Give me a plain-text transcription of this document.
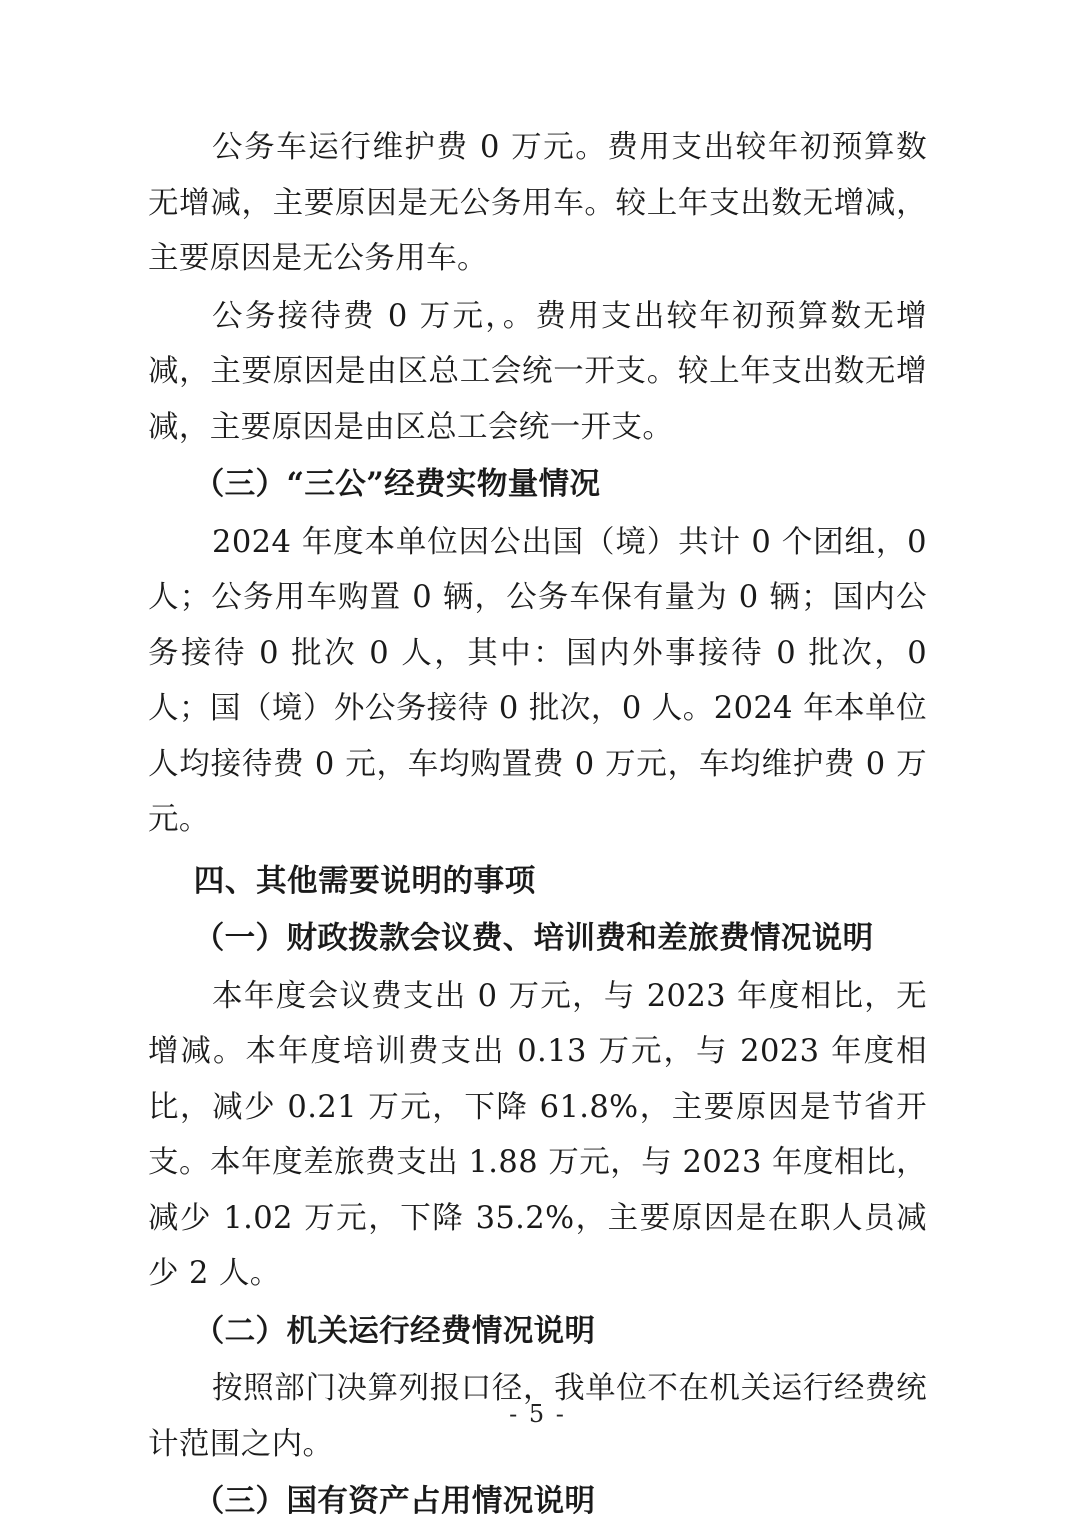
公务车运行维护费 0 万元。费用支出较年初预算数无增减，主要原因是无公务用车。较上年支出数无增减，主要原因是无公务用车。

公务接待费 0 万元，。费用支出较年初预算数无增减，主要原因是由区总工会统一开支。较上年支出数无增减，主要原因是由区总工会统一开支。

（三）“三公”经费实物量情况

2024 年度本单位因公出国（境）共计 0 个团组，0 人；公务用车购置 0 辆，公务车保有量为 0 辆；国内公务接待 0 批次 0 人，其中：国内外事接待 0 批次，0 人；国（境）外公务接待 0 批次，0 人。2024 年本单位人均接待费 0 元，车均购置费 0 万元，车均维护费 0 万元。

四、其他需要说明的事项

（一）财政拨款会议费、培训费和差旅费情况说明

本年度会议费支出 0 万元，与 2023 年度相比，无增减。本年度培训费支出 0.13 万元，与 2023 年度相比，减少 0.21 万元，下降 61.8%，主要原因是节省开支。本年度差旅费支出 1.88 万元，与 2023 年度相比，减少 1.02 万元，下降 35.2%，主要原因是在职人员减少 2 人。

（二）机关运行经费情况说明

按照部门决算列报口径，我单位不在机关运行经费统计范围之内。

（三）国有资产占用情况说明

- 5 -
